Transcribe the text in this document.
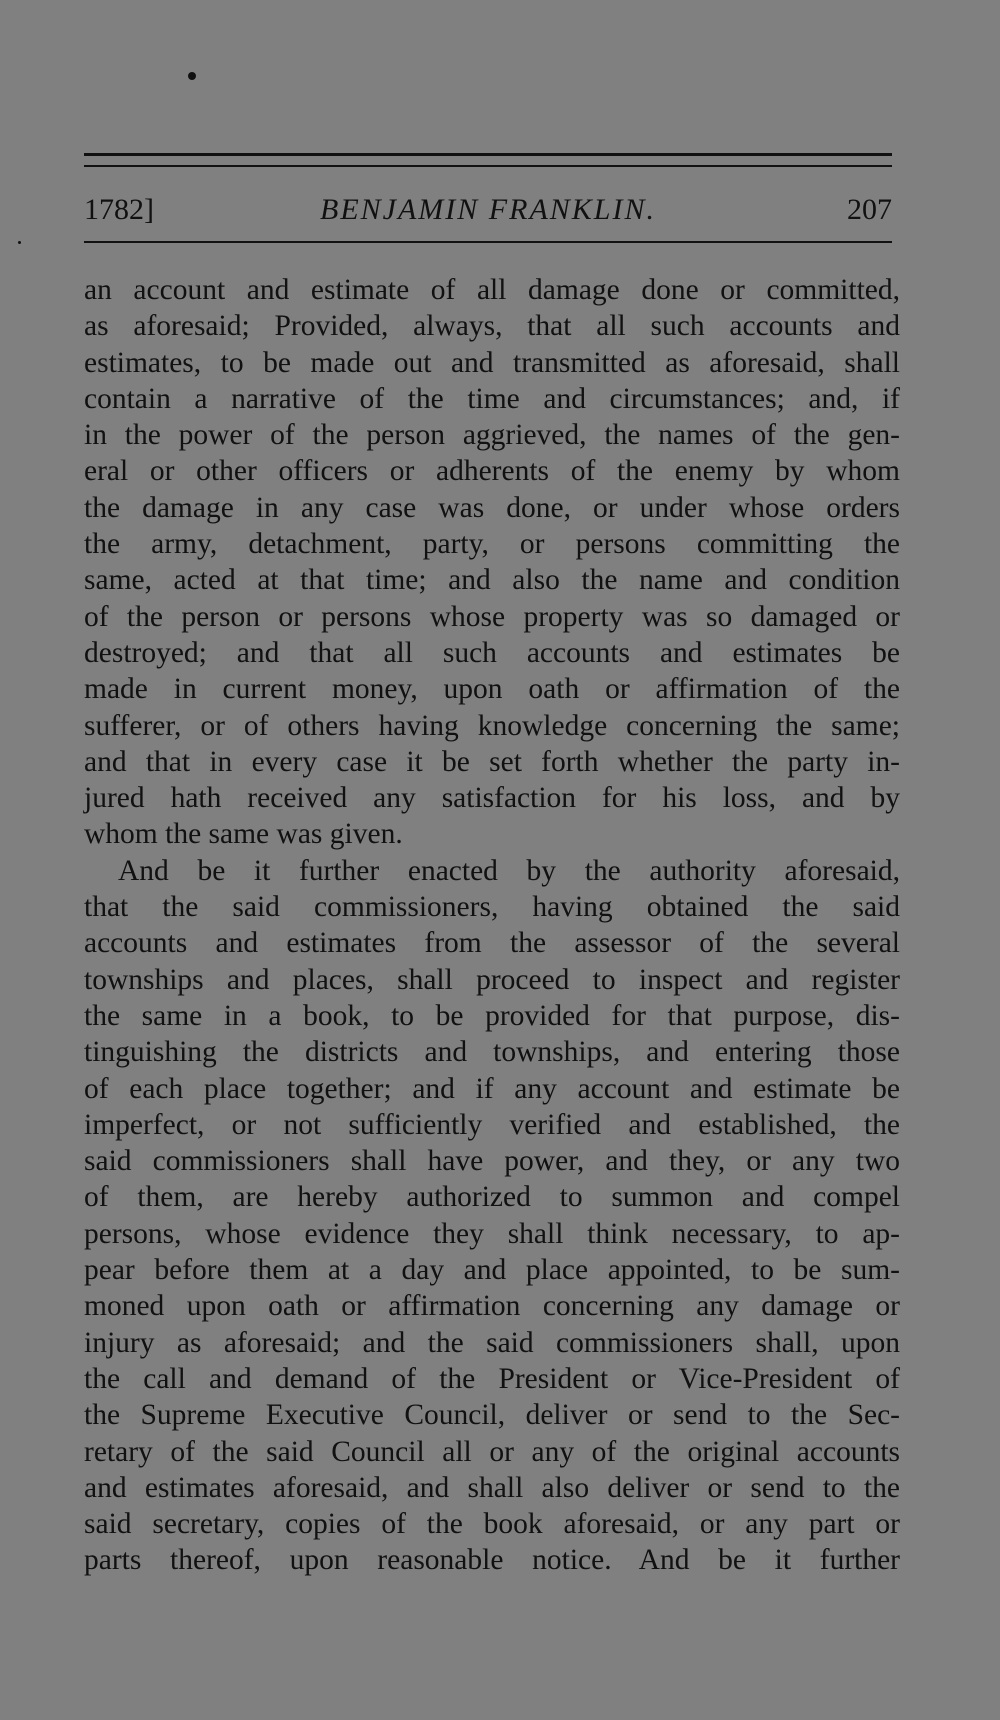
1782]	BENJAMIN FRANKLIN.	207
an account and estimate of all damage done or committed,
as aforesaid; Provided, always, that all such accounts and
estimates, to be made out and transmitted as aforesaid, shall
contain a narrative of the time and circumstances; and, if
in the power of the person aggrieved, the names of the gen-
eral or other officers or adherents of the enemy by whom
the damage in any case was done, or under whose orders
the army, detachment, party, or persons committing the
same, acted at that time; and also the name and condition
of the person or persons whose property was so damaged or
destroyed; and that all such accounts and estimates be
made in current money, upon oath or affirmation of the
sufferer, or of others having knowledge concerning the same;
and that in every case it be set forth whether the party in-
jured hath received any satisfaction for his loss, and by
whom the same was given.
And be it further enacted by the authority aforesaid,
that the said commissioners, having obtained the said
accounts and estimates from the assessor of the several
townships and places, shall proceed to inspect and register
the same in a book, to be provided for that purpose, dis-
tinguishing the districts and townships, and entering those
of each place together; and if any account and estimate be
imperfect, or not sufficiently verified and established, the
said commissioners shall have power, and they, or any two
of them, are hereby authorized to summon and compel
persons, whose evidence they shall think necessary, to ap-
pear before them at a day and place appointed, to be sum-
moned upon oath or affirmation concerning any damage or
injury as aforesaid; and the said commissioners shall, upon
the call and demand of the President or Vice-President of
the Supreme Executive Council, deliver or send to the Sec-
retary of the said Council all or any of the original accounts
and estimates aforesaid, and shall also deliver or send to the
said secretary, copies of the book aforesaid, or any part or
parts thereof, upon reasonable notice. And be it further
